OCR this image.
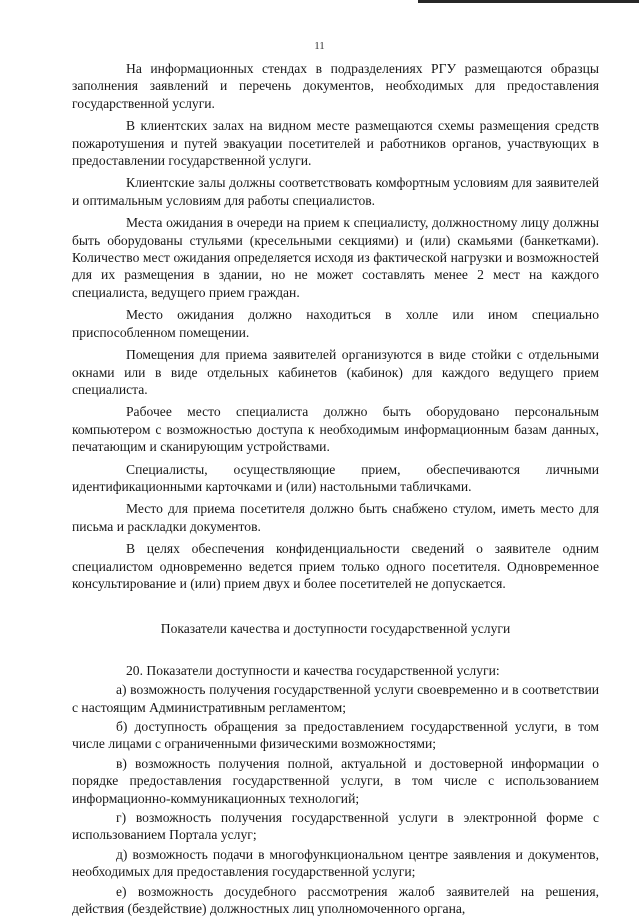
11

На информационных стендах в подразделениях РГУ размещаются образцы заполнения заявлений и перечень документов, необходимых для предоставления государственной услуги.

В клиентских залах на видном месте размещаются схемы размещения средств пожаротушения и путей эвакуации посетителей и работников органов, участвующих в предоставлении государственной услуги.

Клиентские залы должны соответствовать комфортным условиям для заявителей и оптимальным условиям для работы специалистов.

Места ожидания в очереди на прием к специалисту, должностному лицу должны быть оборудованы стульями (кресельными секциями) и (или) скамьями (банкетками). Количество мест ожидания определяется исходя из фактической нагрузки и возможностей для их размещения в здании, но не может составлять менее 2 мест на каждого специалиста, ведущего прием граждан.

Место ожидания должно находиться в холле или ином специально приспособленном помещении.

Помещения для приема заявителей организуются в виде стойки с отдельными окнами или в виде отдельных кабинетов (кабинок) для каждого ведущего прием специалиста.

Рабочее место специалиста должно быть оборудовано персональным компьютером с возможностью доступа к необходимым информационным базам данных, печатающим и сканирующим устройствами.

Специалисты, осуществляющие прием, обеспечиваются личными идентификационными карточками и (или) настольными табличками.

Место для приема посетителя должно быть снабжено стулом, иметь место для письма и раскладки документов.

В целях обеспечения конфиденциальности сведений о заявителе одним специалистом одновременно ведется прием только одного посетителя. Одновременное консультирование и (или) прием двух и более посетителей не допускается.

Показатели качества и доступности государственной услуги

20. Показатели доступности и качества государственной услуги:

а) возможность получения государственной услуги своевременно и в соответствии с настоящим Административным регламентом;

б) доступность обращения за предоставлением государственной услуги, в том числе лицами с ограниченными физическими возможностями;

в) возможность получения полной, актуальной и достоверной информации о порядке предоставления государственной услуги, в том числе с использованием информационно-коммуникационных технологий;

г) возможность получения государственной услуги в электронной форме с использованием Портала услуг;

д) возможность подачи в многофункциональном центре заявления и документов, необходимых для предоставления государственной услуги;

е) возможность досудебного рассмотрения жалоб заявителей на решения, действия (бездействие) должностных лиц уполномоченного органа,
